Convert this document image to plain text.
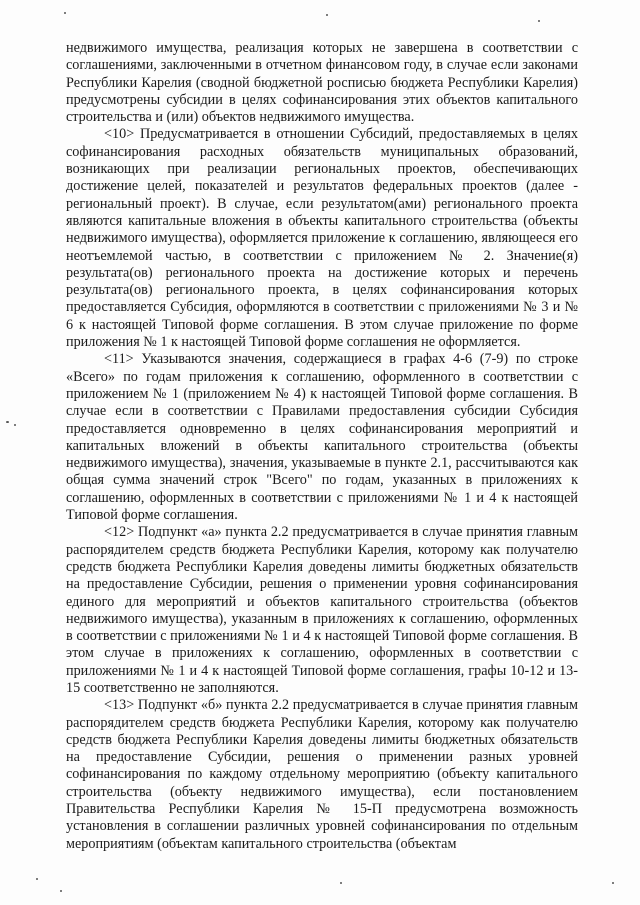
недвижимого имущества, реализация которых не завершена в соответствии с соглашениями, заключенными в отчетном финансовом году, в случае если законами Республики Карелия (сводной бюджетной росписью бюджета Республики Карелия) предусмотрены субсидии в целях софинансирования этих объектов капитального строительства и (или) объектов недвижимого имущества.

<10> Предусматривается в отношении Субсидий, предоставляемых в целях софинансирования расходных обязательств муниципальных образований, возникающих при реализации региональных проектов, обеспечивающих достижение целей, показателей и результатов федеральных проектов (далее - региональный проект). В случае, если результатом(ами) регионального проекта являются капитальные вложения в объекты капитального строительства (объекты недвижимого имущества), оформляется приложение к соглашению, являющееся его неотъемлемой частью, в соответствии с приложением № 2. Значение(я) результата(ов) регионального проекта на достижение которых и перечень результата(ов) регионального проекта, в целях софинансирования которых предоставляется Субсидия, оформляются в соответствии с приложениями № 3 и № 6 к настоящей Типовой форме соглашения. В этом случае приложение по форме приложения № 1 к настоящей Типовой форме соглашения не оформляется.

<11> Указываются значения, содержащиеся в графах 4-6 (7-9) по строке «Всего» по годам приложения к соглашению, оформленного в соответствии с приложением № 1 (приложением № 4) к настоящей Типовой форме соглашения. В случае если в соответствии с Правилами предоставления субсидии Субсидия предоставляется одновременно в целях софинансирования мероприятий и капитальных вложений в объекты капитального строительства (объекты недвижимого имущества), значения, указываемые в пункте 2.1, рассчитываются как общая сумма значений строк "Всего" по годам, указанных в приложениях к соглашению, оформленных в соответствии с приложениями № 1 и 4 к настоящей Типовой форме соглашения.

<12> Подпункт «а» пункта 2.2 предусматривается в случае принятия главным распорядителем средств бюджета Республики Карелия, которому как получателю средств бюджета Республики Карелия доведены лимиты бюджетных обязательств на предоставление Субсидии, решения о применении уровня софинансирования единого для мероприятий и объектов капитального строительства (объектов недвижимого имущества), указанным в приложениях к соглашению, оформленных в соответствии с приложениями № 1 и 4 к настоящей Типовой форме соглашения. В этом случае в приложениях к соглашению, оформленных в соответствии с приложениями № 1 и 4 к настоящей Типовой форме соглашения, графы 10-12 и 13-15 соответственно не заполняются.

<13> Подпункт «б» пункта 2.2 предусматривается в случае принятия главным распорядителем средств бюджета Республики Карелия, которому как получателю средств бюджета Республики Карелия доведены лимиты бюджетных обязательств на предоставление Субсидии, решения о применении разных уровней софинансирования по каждому отдельному мероприятию (объекту капитального строительства (объекту недвижимого имущества), если постановлением Правительства Республики Карелия № 15-П предусмотрена возможность установления в соглашении различных уровней софинансирования по отдельным мероприятиям (объектам капитального строительства (объектам
